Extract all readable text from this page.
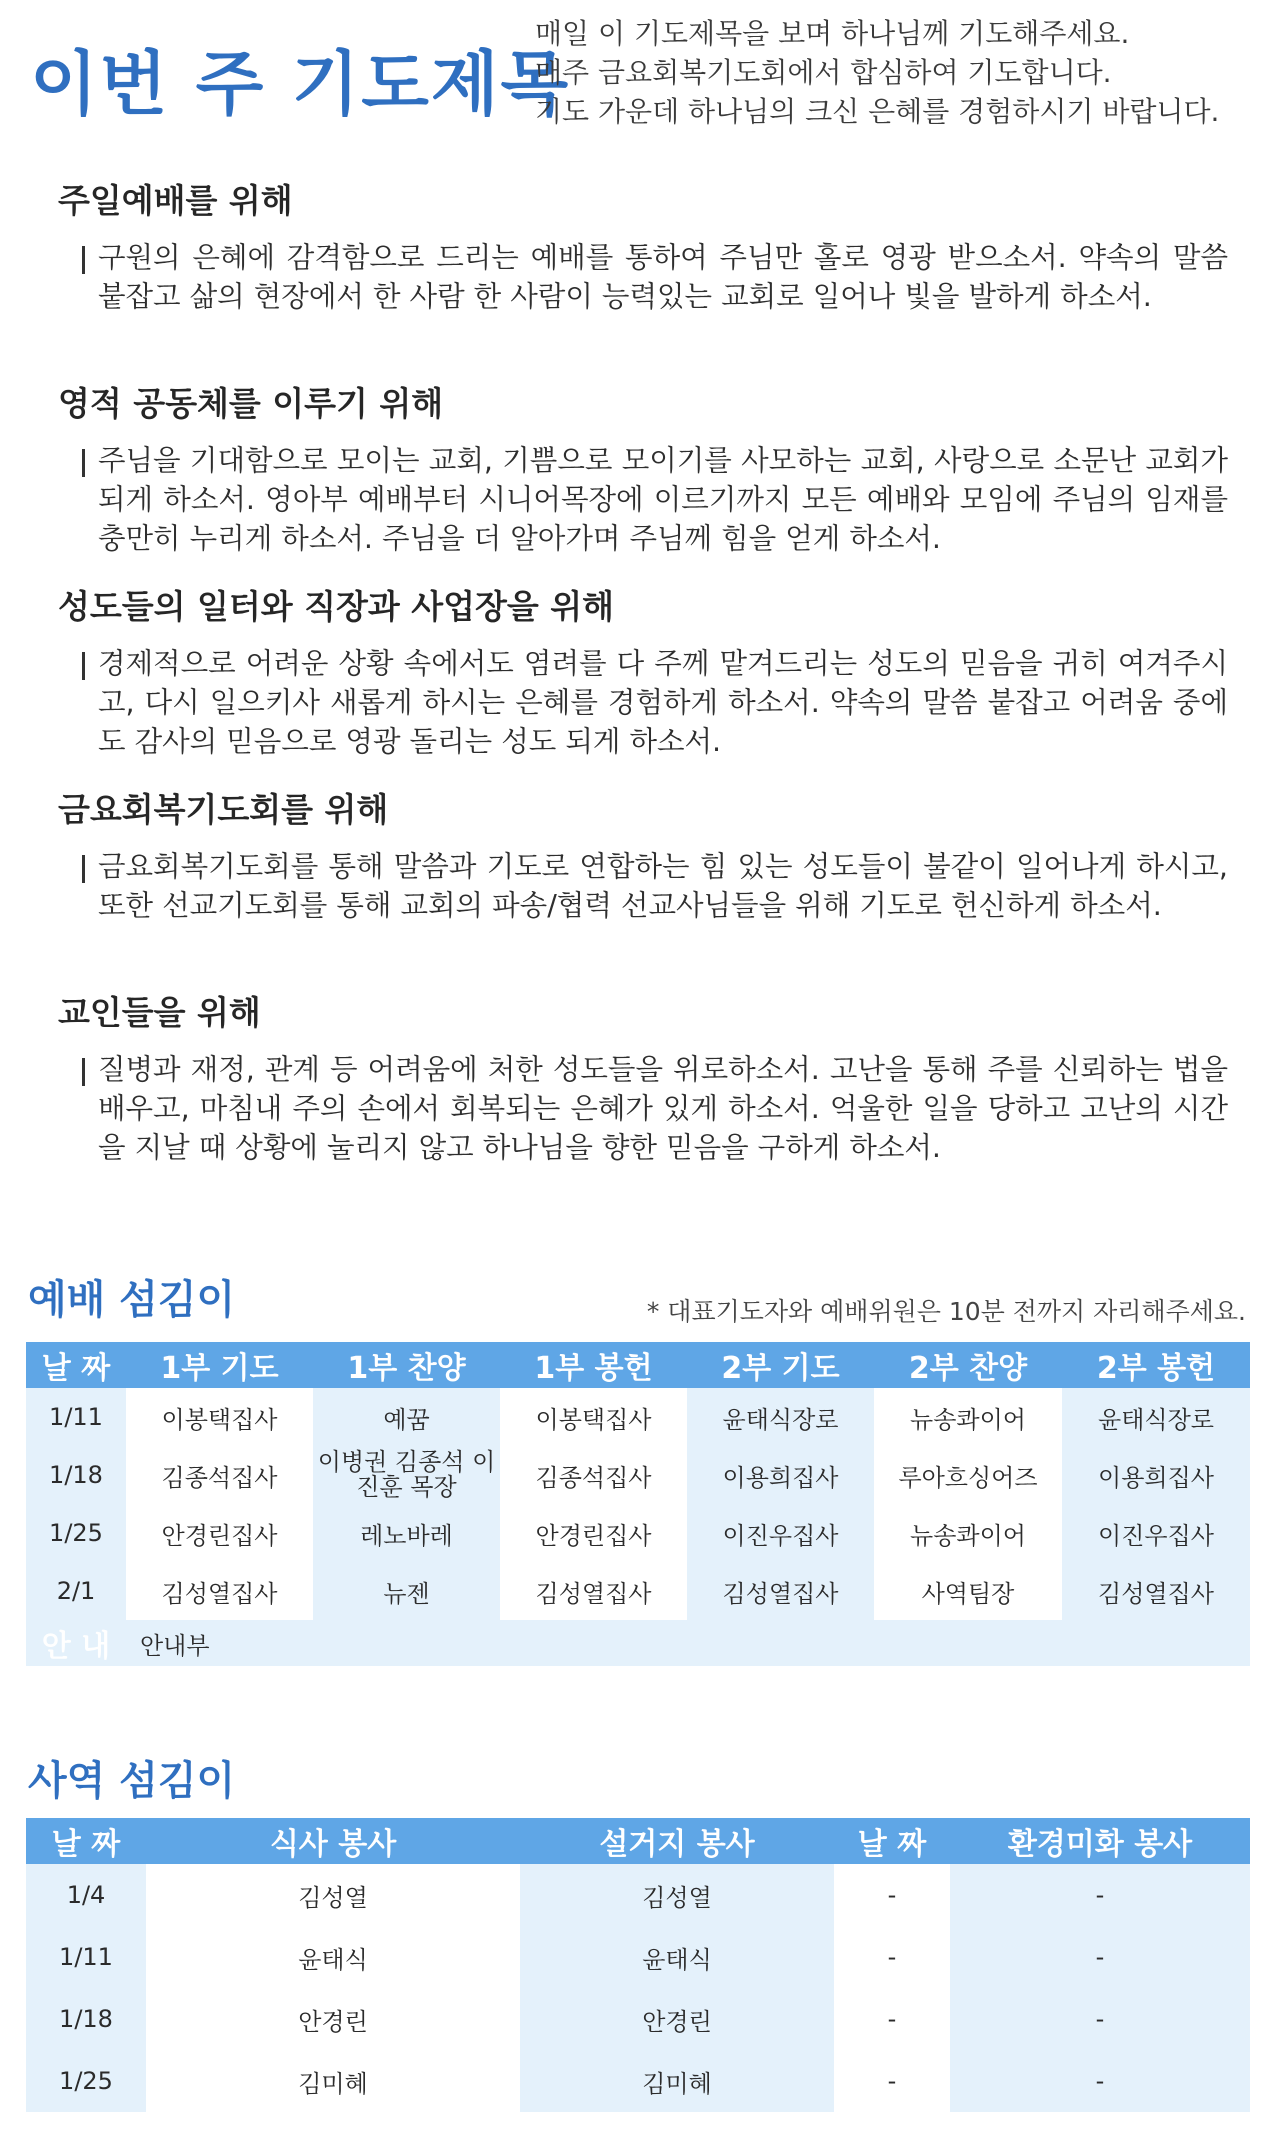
이번 주 기도제목
매일 이 기도제목을 보며 하나님께 기도해주세요.
매주 금요회복기도회에서 합심하여 기도합니다.
기도 가운데 하나님의 크신 은혜를 경험하시기 바랍니다.
주일예배를 위해
구원의 은혜에 감격함으로 드리는 예배를 통하여 주님만 홀로 영광 받으소서. 약속의 말씀 붙잡고 삶의 현장에서 한 사람 한 사람이 능력있는 교회로 일어나 빛을 발하게 하소서.
영적 공동체를 이루기 위해
주님을 기대함으로 모이는 교회, 기쁨으로 모이기를 사모하는 교회, 사랑으로 소문난 교회가 되게 하소서. 영아부 예배부터 시니어목장에 이르기까지 모든 예배와 모임에 주님의 임재를 충만히 누리게 하소서. 주님을 더 알아가며 주님께 힘을 얻게 하소서.
성도들의 일터와 직장과 사업장을 위해
경제적으로 어려운 상황 속에서도 염려를 다 주께 맡겨드리는 성도의 믿음을 귀히 여겨주시고, 다시 일으키사 새롭게 하시는 은혜를 경험하게 하소서. 약속의 말씀 붙잡고 어려움 중에도 감사의 믿음으로 영광 돌리는 성도 되게 하소서.
금요회복기도회를 위해
금요회복기도회를 통해 말씀과 기도로 연합하는 힘 있는 성도들이 불같이 일어나게 하시고, 또한 선교기도회를 통해 교회의 파송/협력 선교사님들을 위해 기도로 헌신하게 하소서.
교인들을 위해
질병과 재정, 관계 등 어려움에 처한 성도들을 위로하소서. 고난을 통해 주를 신뢰하는 법을 배우고, 마침내 주의 손에서 회복되는 은혜가 있게 하소서. 억울한 일을 당하고 고난의 시간을 지날 때 상황에 눌리지 않고 하나님을 향한 믿음을 구하게 하소서.
예배 섬김이	* 대표기도자와 예배위원은 10분 전까지 자리해주세요.
날 짜	1부 기도	1부 찬양	1부 봉헌	2부 기도	2부 찬양	2부 봉헌
1/11	이봉택집사	예꿈	이봉택집사	윤태식장로	뉴송콰이어	윤태식장로
1/18	김종석집사	이병권 김종석 이진훈 목장	김종석집사	이용희집사	루아흐싱어즈	이용희집사
1/25	안경린집사	레노바레	안경린집사	이진우집사	뉴송콰이어	이진우집사
2/1	김성열집사	뉴젠	김성열집사	김성열집사	사역팀장	김성열집사
안 내	안내부					
사역 섬김이
날 짜	식사 봉사	설거지 봉사	날 짜	환경미화 봉사
1/4	김성열	김성열	-	-
1/11	윤태식	윤태식	-	-
1/18	안경린	안경린	-	-
1/25	김미혜	김미혜	-	-
